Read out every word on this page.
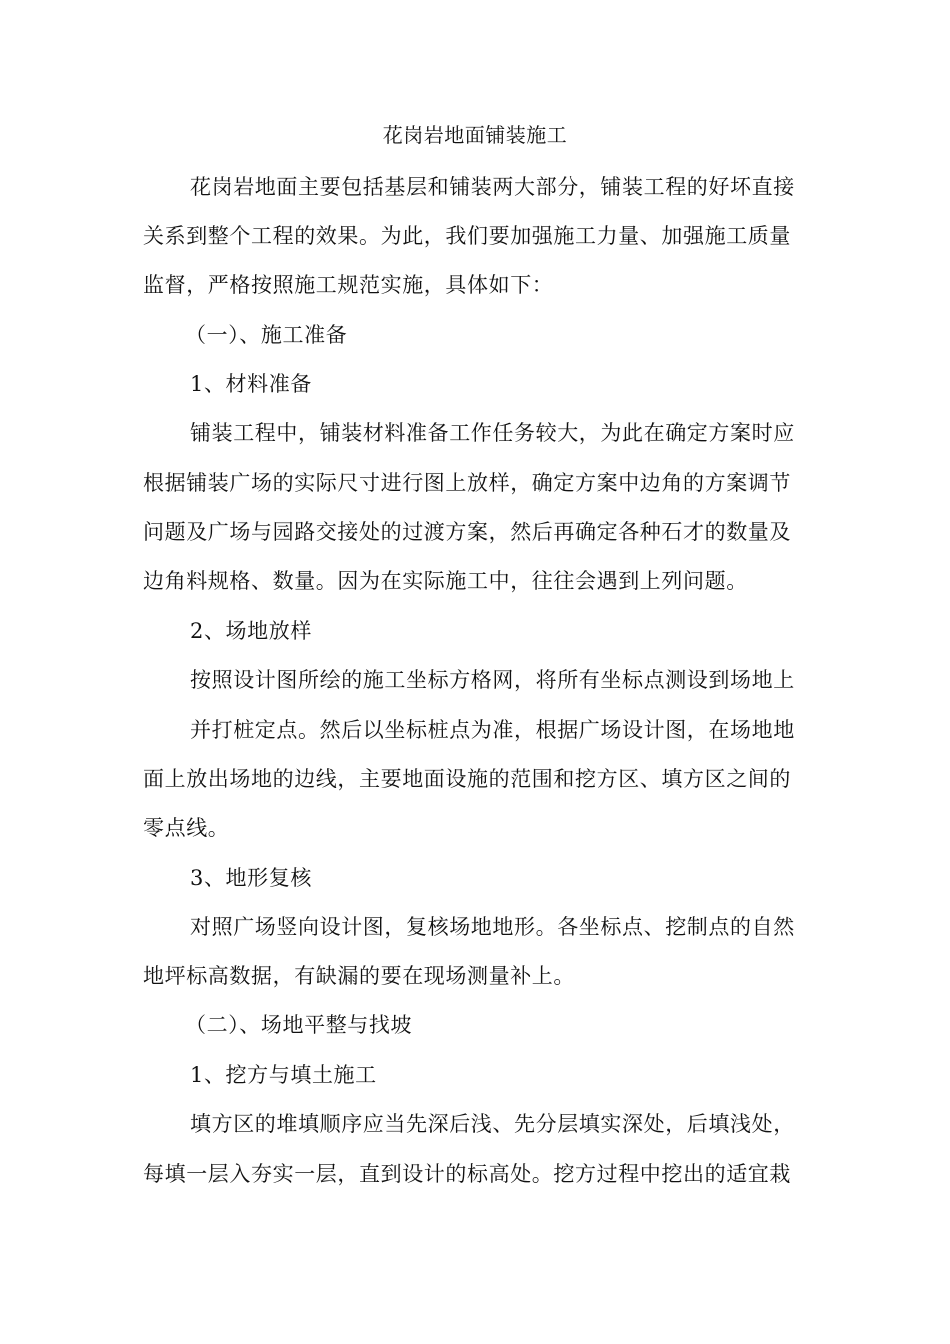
花岗岩地面铺装施工
花岗岩地面主要包括基层和铺装两大部分，铺装工程的好坏直接
关系到整个工程的效果。为此，我们要加强施工力量、加强施工质量
监督，严格按照施工规范实施，具体如下：
（一）、施工准备
1、材料准备
铺装工程中，铺装材料准备工作任务较大，为此在确定方案时应
根据铺装广场的实际尺寸进行图上放样，确定方案中边角的方案调节
问题及广场与园路交接处的过渡方案，然后再确定各种石才的数量及
边角料规格、数量。因为在实际施工中，往往会遇到上列问题。
2、场地放样
按照设计图所绘的施工坐标方格网，将所有坐标点测设到场地上
并打桩定点。然后以坐标桩点为准，根据广场设计图，在场地地
面上放出场地的边线，主要地面设施的范围和挖方区、填方区之间的
零点线。
3、地形复核
对照广场竖向设计图，复核场地地形。各坐标点、挖制点的自然
地坪标高数据，有缺漏的要在现场测量补上。
（二）、场地平整与找坡
1、挖方与填土施工
填方区的堆填顺序应当先深后浅、先分层填实深处，后填浅处，
每填一层入夯实一层，直到设计的标高处。挖方过程中挖出的适宜栽
